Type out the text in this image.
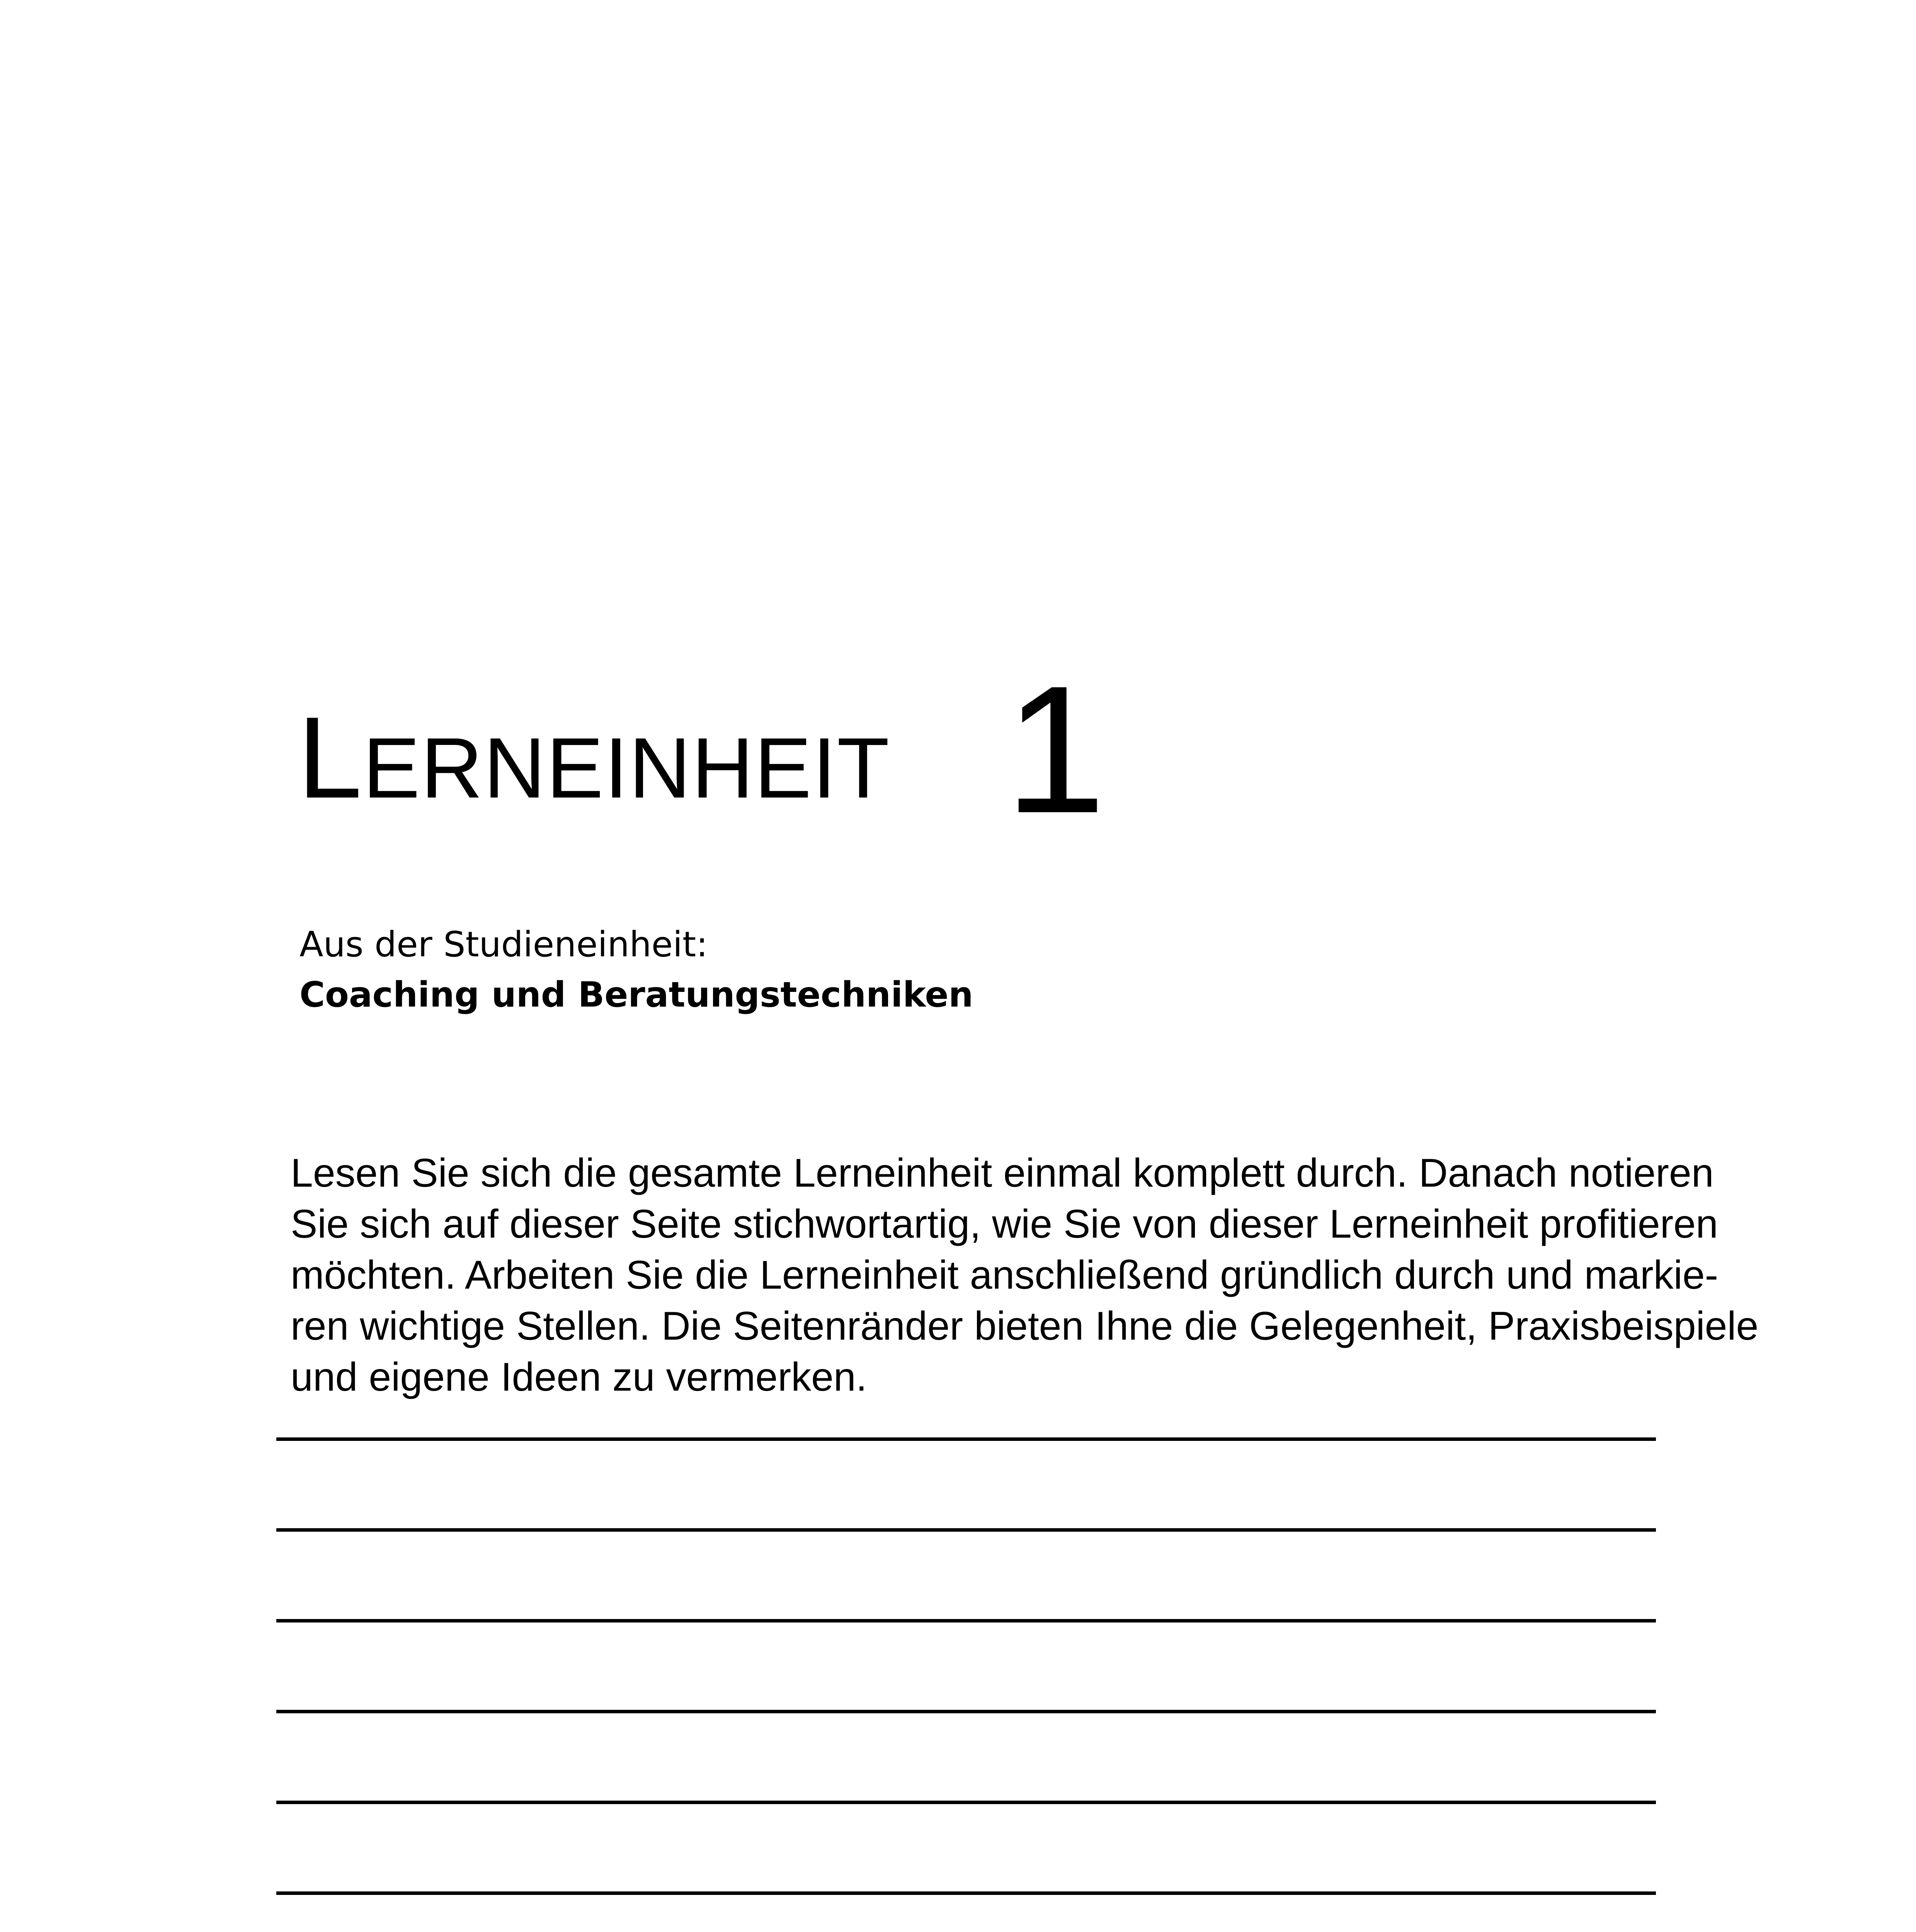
LERNEINHEIT 1
Aus der Studieneinheit:
Coaching und Beratungstechniken
Lesen Sie sich die gesamte Lerneinheit einmal komplett durch. Danach notieren
Sie sich auf dieser Seite stichwortartig, wie Sie von dieser Lerneinheit profitieren
möchten. Arbeiten Sie die Lerneinheit anschließend gründlich durch und markie-
ren wichtige Stellen. Die Seitenränder bieten Ihne die Gelegenheit, Praxisbeispiele
und eigene Ideen zu vermerken.
